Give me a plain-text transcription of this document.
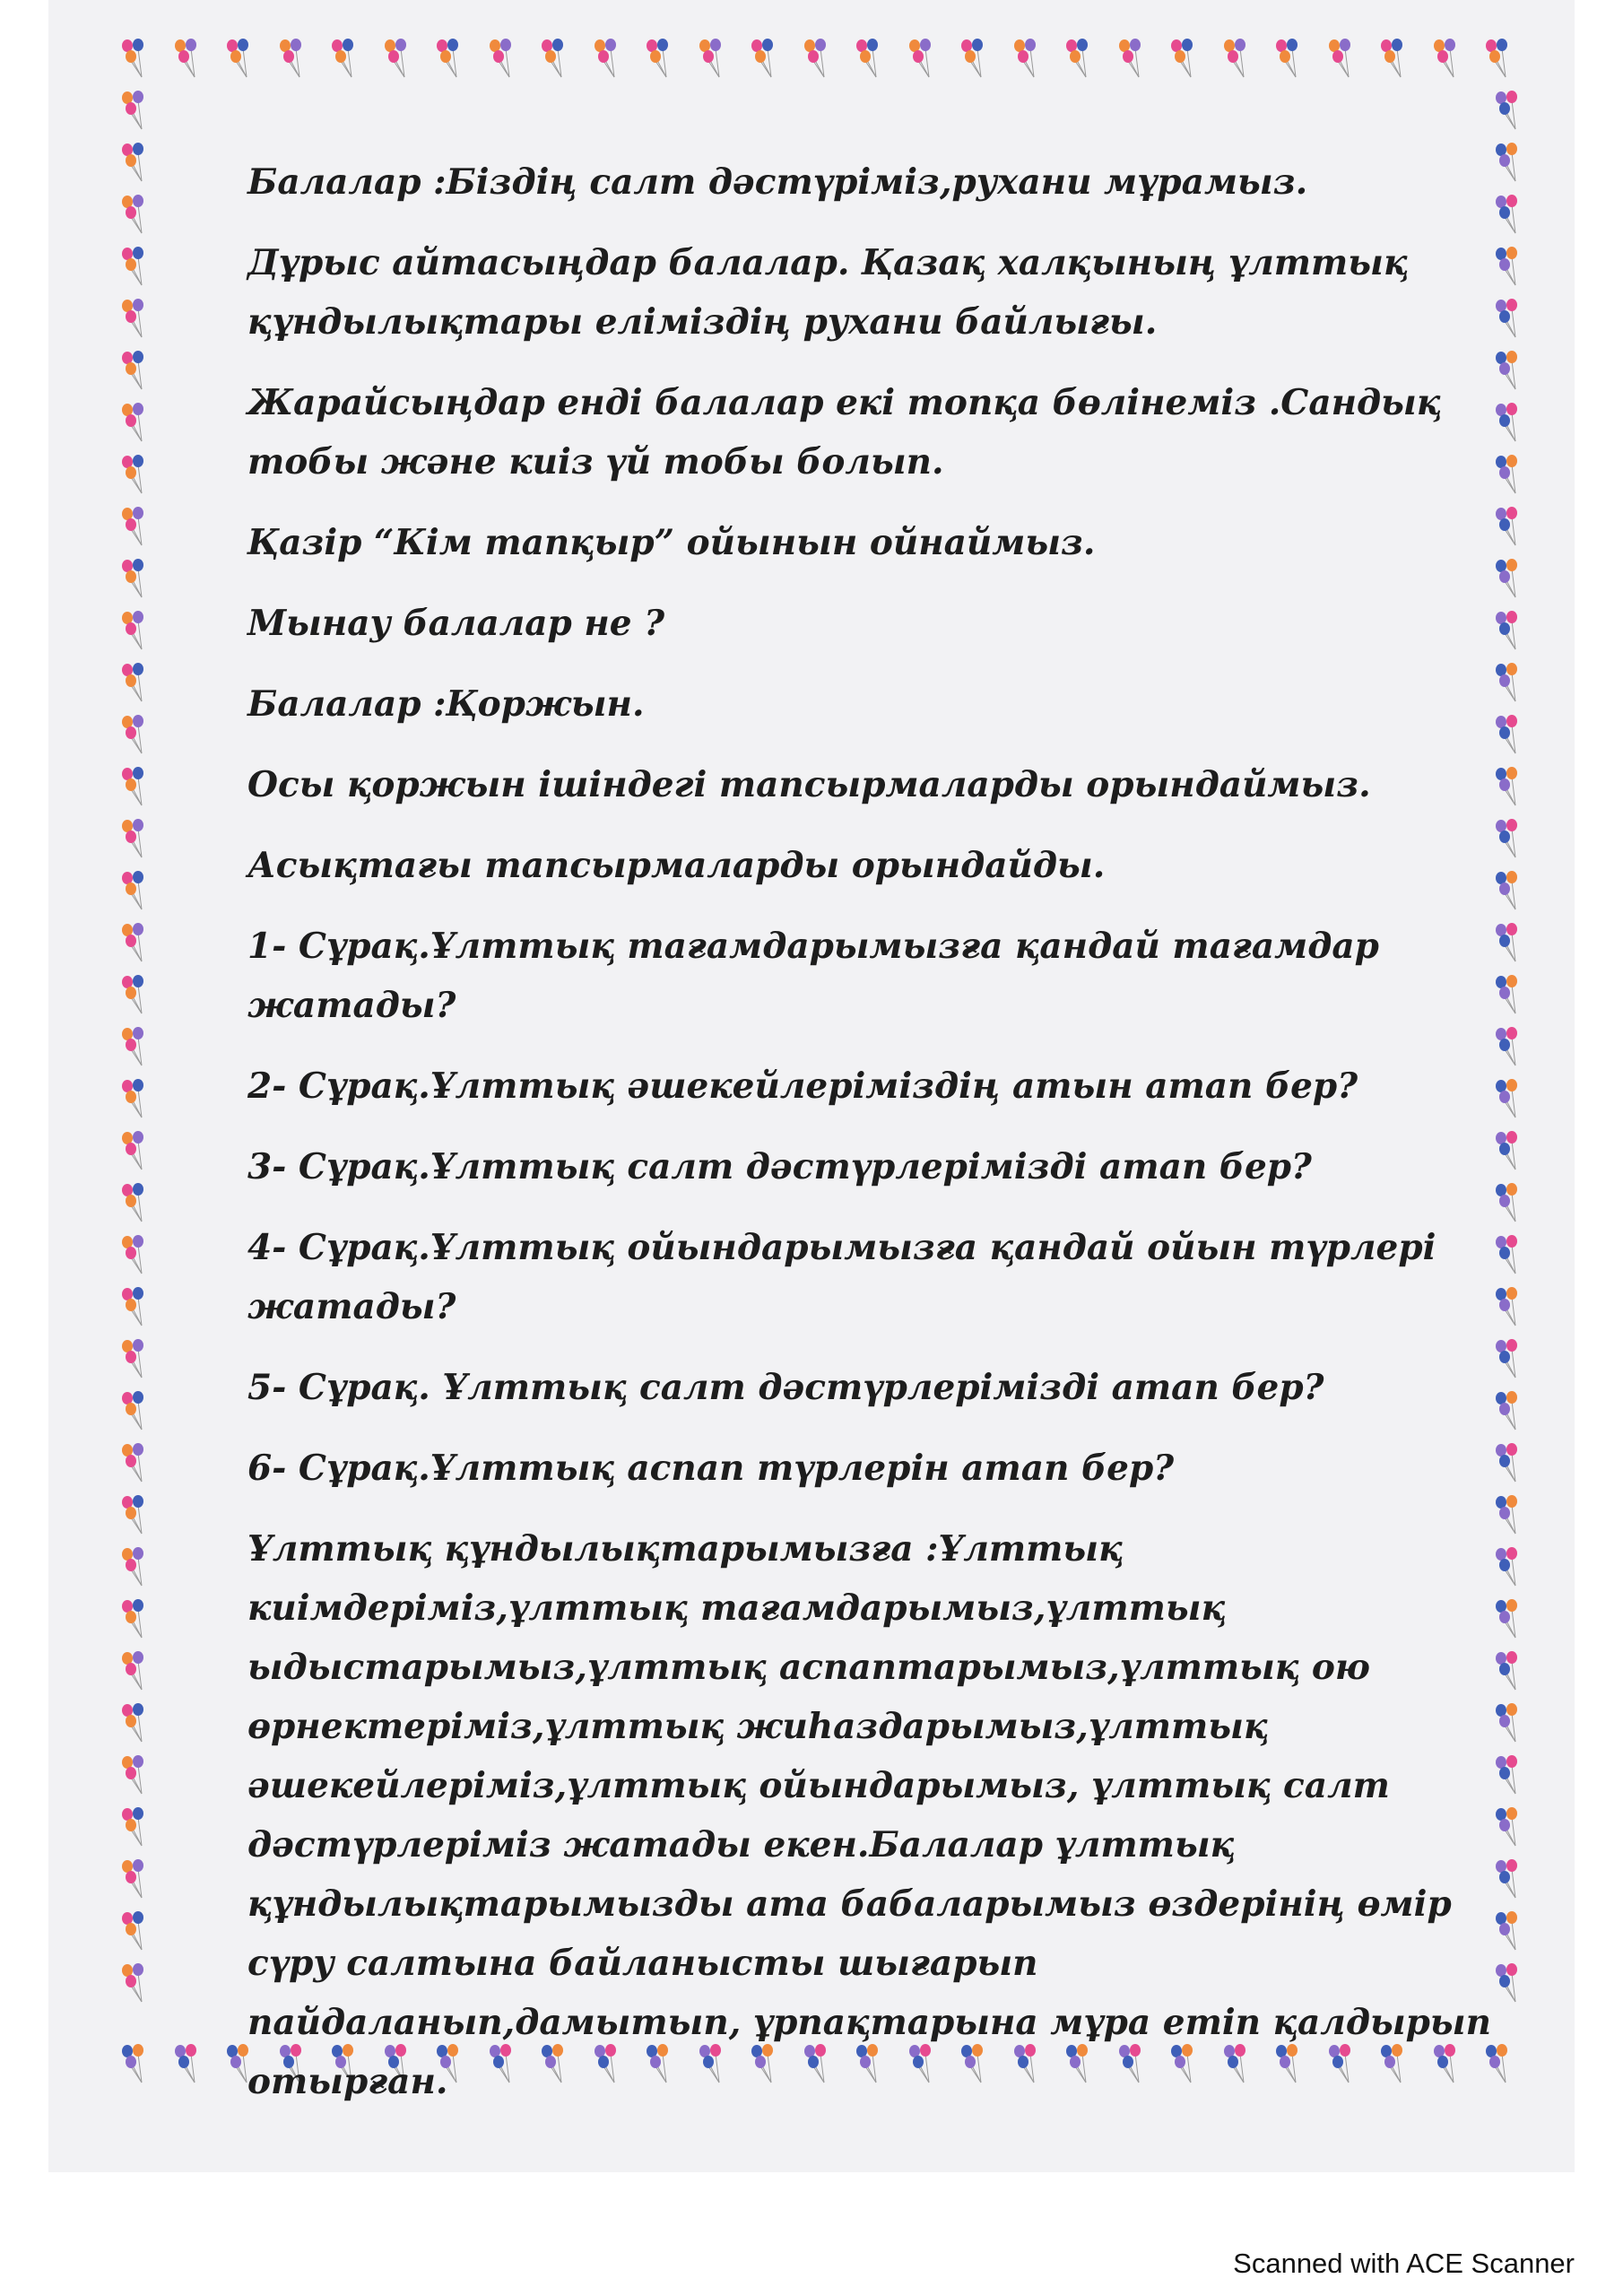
Балалар :Біздің салт дәстүріміз,рухани мұрамыз.

Дұрыс айтасыңдар балалар. Қазақ халқының ұлттық құндылықтары еліміздің рухани байлығы.

Жарайсыңдар енді балалар екі топқа бөлінеміз .Сандық тобы және киіз үй тобы болып.

Қазір “Кім тапқыр” ойынын ойнаймыз.

Мынау балалар не ?

Балалар :Қоржын.

Осы қоржын ішіндегі тапсырмаларды орындаймыз.

Асықтағы тапсырмаларды орындайды.

1- Сұрақ.Ұлттық тағамдарымызға қандай тағамдар жатады?

2- Сұрақ.Ұлттық әшекейлеріміздің атын атап бер?

3- Сұрақ.Ұлттық салт дәстүрлерімізді атап бер?

4- Сұрақ.Ұлттық ойындарымызға қандай ойын түрлері жатады?

5- Сұрақ. Ұлттық салт дәстүрлерімізді атап бер?

6- Сұрақ.Ұлттық аспап түрлерін атап бер?

Ұлттық құндылықтарымызға :Ұлттық киімдеріміз,ұлттық тағамдарымыз,ұлттық ыдыстарымыз,ұлттық аспаптарымыз,ұлттық ою өрнектеріміз,ұлттық жиһаздарымыз,ұлттық әшекейлеріміз,ұлттық ойындарымыз, ұлттық салт дәстүрлеріміз жатады екен.Балалар ұлттық құндылықтарымызды ата бабаларымыз өздерінің өмір сүру салтына байланысты шығарып пайдаланып,дамытып, ұрпақтарына мұра етіп қалдырып отырған.

Scanned with ACE Scanner
